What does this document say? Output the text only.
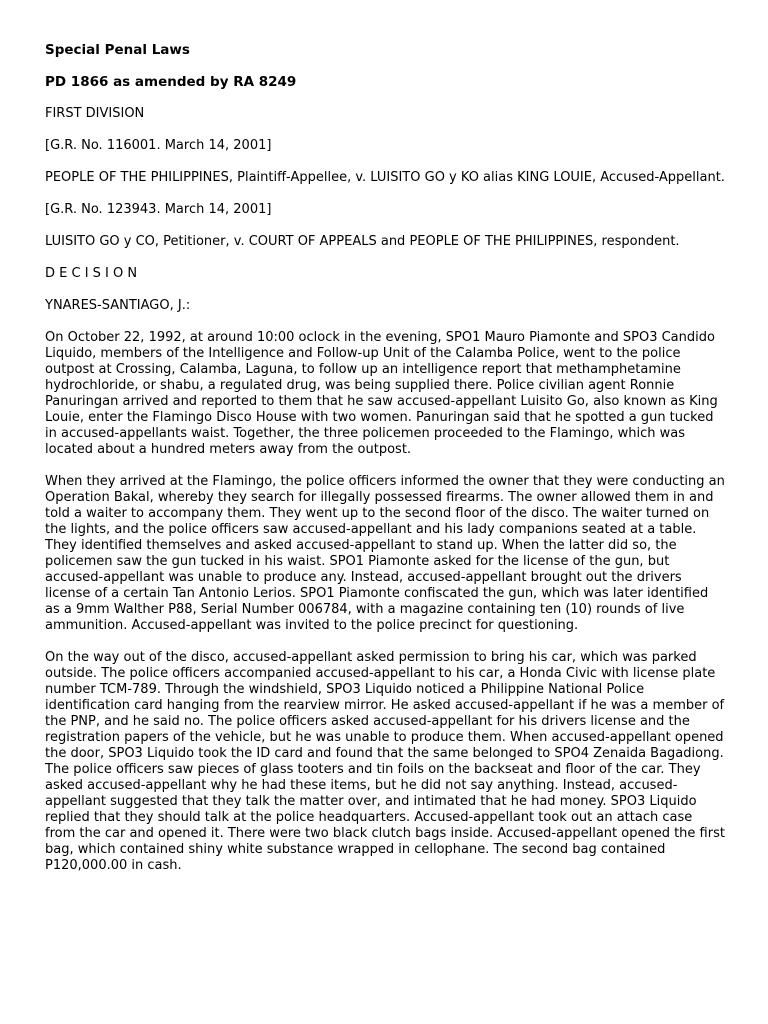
Special Penal Laws
PD 1866 as amended by RA 8249
FIRST DIVISION
[G.R. No. 116001. March 14, 2001]
PEOPLE OF THE PHILIPPINES, Plaintiff-Appellee, v. LUISITO GO y KO alias KING LOUIE, Accused-Appellant.
[G.R. No. 123943. March 14, 2001]
LUISITO GO y CO, Petitioner, v. COURT OF APPEALS and PEOPLE OF THE PHILIPPINES, respondent.
D E C I S I O N
YNARES-SANTIAGO, J.:

On October 22, 1992, at around 10:00 oclock in the evening, SPO1 Mauro Piamonte and SPO3 Candido Liquido, members of the Intelligence and Follow-up Unit of the Calamba Police, went to the police outpost at Crossing, Calamba, Laguna, to follow up an intelligence report that methamphetamine hydrochloride, or shabu, a regulated drug, was being supplied there. Police civilian agent Ronnie Panuringan arrived and reported to them that he saw accused-appellant Luisito Go, also known as King Louie, enter the Flamingo Disco House with two women. Panuringan said that he spotted a gun tucked in accused-appellants waist. Together, the three policemen proceeded to the Flamingo, which was located about a hundred meters away from the outpost.

When they arrived at the Flamingo, the police officers informed the owner that they were conducting an Operation Bakal, whereby they search for illegally possessed firearms. The owner allowed them in and told a waiter to accompany them. They went up to the second floor of the disco. The waiter turned on the lights, and the police officers saw accused-appellant and his lady companions seated at a table. They identified themselves and asked accused-appellant to stand up. When the latter did so, the policemen saw the gun tucked in his waist. SPO1 Piamonte asked for the license of the gun, but accused-appellant was unable to produce any. Instead, accused-appellant brought out the drivers license of a certain Tan Antonio Lerios. SPO1 Piamonte confiscated the gun, which was later identified as a 9mm Walther P88, Serial Number 006784, with a magazine containing ten (10) rounds of live ammunition. Accused-appellant was invited to the police precinct for questioning.

On the way out of the disco, accused-appellant asked permission to bring his car, which was parked outside. The police officers accompanied accused-appellant to his car, a Honda Civic with license plate number TCM-789. Through the windshield, SPO3 Liquido noticed a Philippine National Police identification card hanging from the rearview mirror. He asked accused-appellant if he was a member of the PNP, and he said no. The police officers asked accused-appellant for his drivers license and the registration papers of the vehicle, but he was unable to produce them. When accused-appellant opened the door, SPO3 Liquido took the ID card and found that the same belonged to SPO4 Zenaida Bagadiong. The police officers saw pieces of glass tooters and tin foils on the backseat and floor of the car. They asked accused-appellant why he had these items, but he did not say anything. Instead, accused-appellant suggested that they talk the matter over, and intimated that he had money. SPO3 Liquido replied that they should talk at the police headquarters. Accused-appellant took out an attach case from the car and opened it. There were two black clutch bags inside. Accused-appellant opened the first bag, which contained shiny white substance wrapped in cellophane. The second bag contained P120,000.00 in cash.
